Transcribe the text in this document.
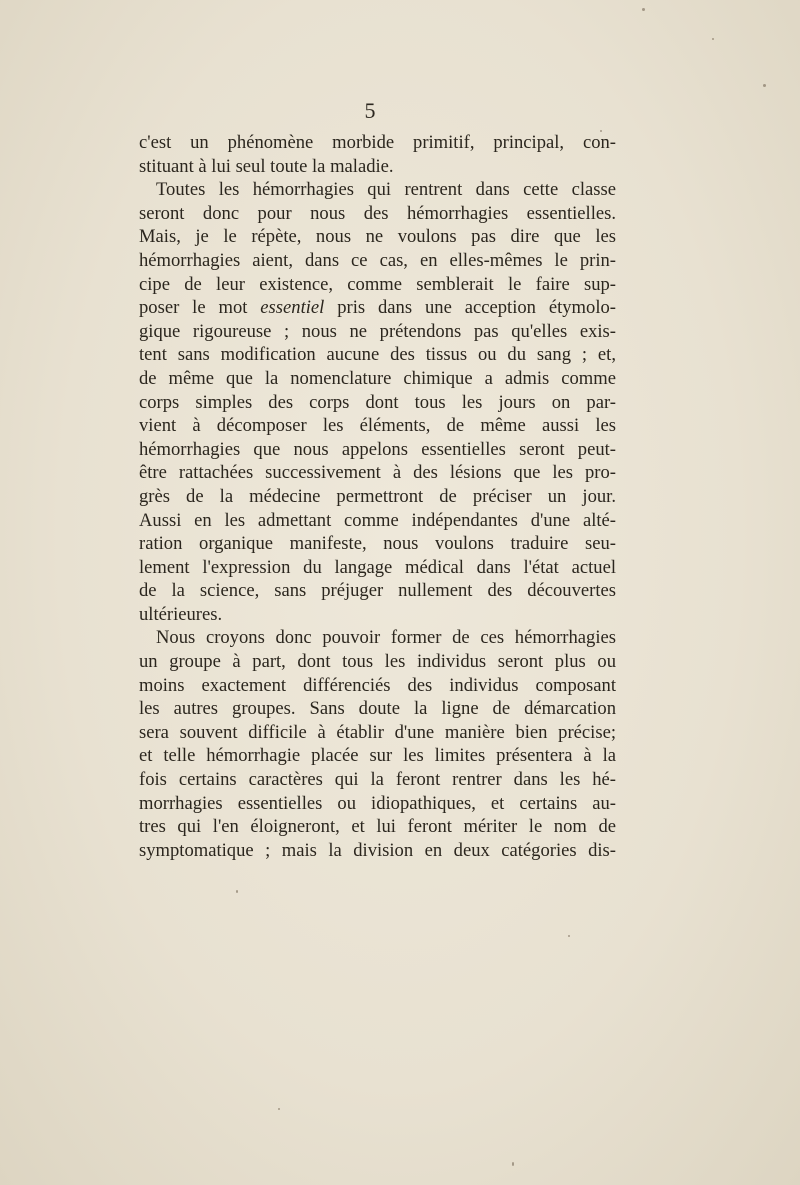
5
c'est un phénomène morbide primitif, principal, con-
stituant à lui seul toute la maladie.
Toutes les hémorrhagies qui rentrent dans cette classe
seront donc pour nous des hémorrhagies essentielles.
Mais, je le répète, nous ne voulons pas dire que les
hémorrhagies aient, dans ce cas, en elles-mêmes le prin-
cipe de leur existence, comme semblerait le faire sup-
poser le mot essentiel pris dans une acception étymolo-
gique rigoureuse ; nous ne prétendons pas qu'elles exis-
tent sans modification aucune des tissus ou du sang ; et,
de même que la nomenclature chimique a admis comme
corps simples des corps dont tous les jours on par-
vient à décomposer les éléments, de même aussi les
hémorrhagies que nous appelons essentielles seront peut-
être rattachées successivement à des lésions que les pro-
grès de la médecine permettront de préciser un jour.
Aussi en les admettant comme indépendantes d'une alté-
ration organique manifeste, nous voulons traduire seu-
lement l'expression du langage médical dans l'état actuel
de la science, sans préjuger nullement des découvertes
ultérieures.
Nous croyons donc pouvoir former de ces hémorrhagies
un groupe à part, dont tous les individus seront plus ou
moins exactement différenciés des individus composant
les autres groupes. Sans doute la ligne de démarcation
sera souvent difficile à établir d'une manière bien précise;
et telle hémorrhagie placée sur les limites présentera à la
fois certains caractères qui la feront rentrer dans les hé-
morrhagies essentielles ou idiopathiques, et certains au-
tres qui l'en éloigneront, et lui feront mériter le nom de
symptomatique ; mais la division en deux catégories dis-
